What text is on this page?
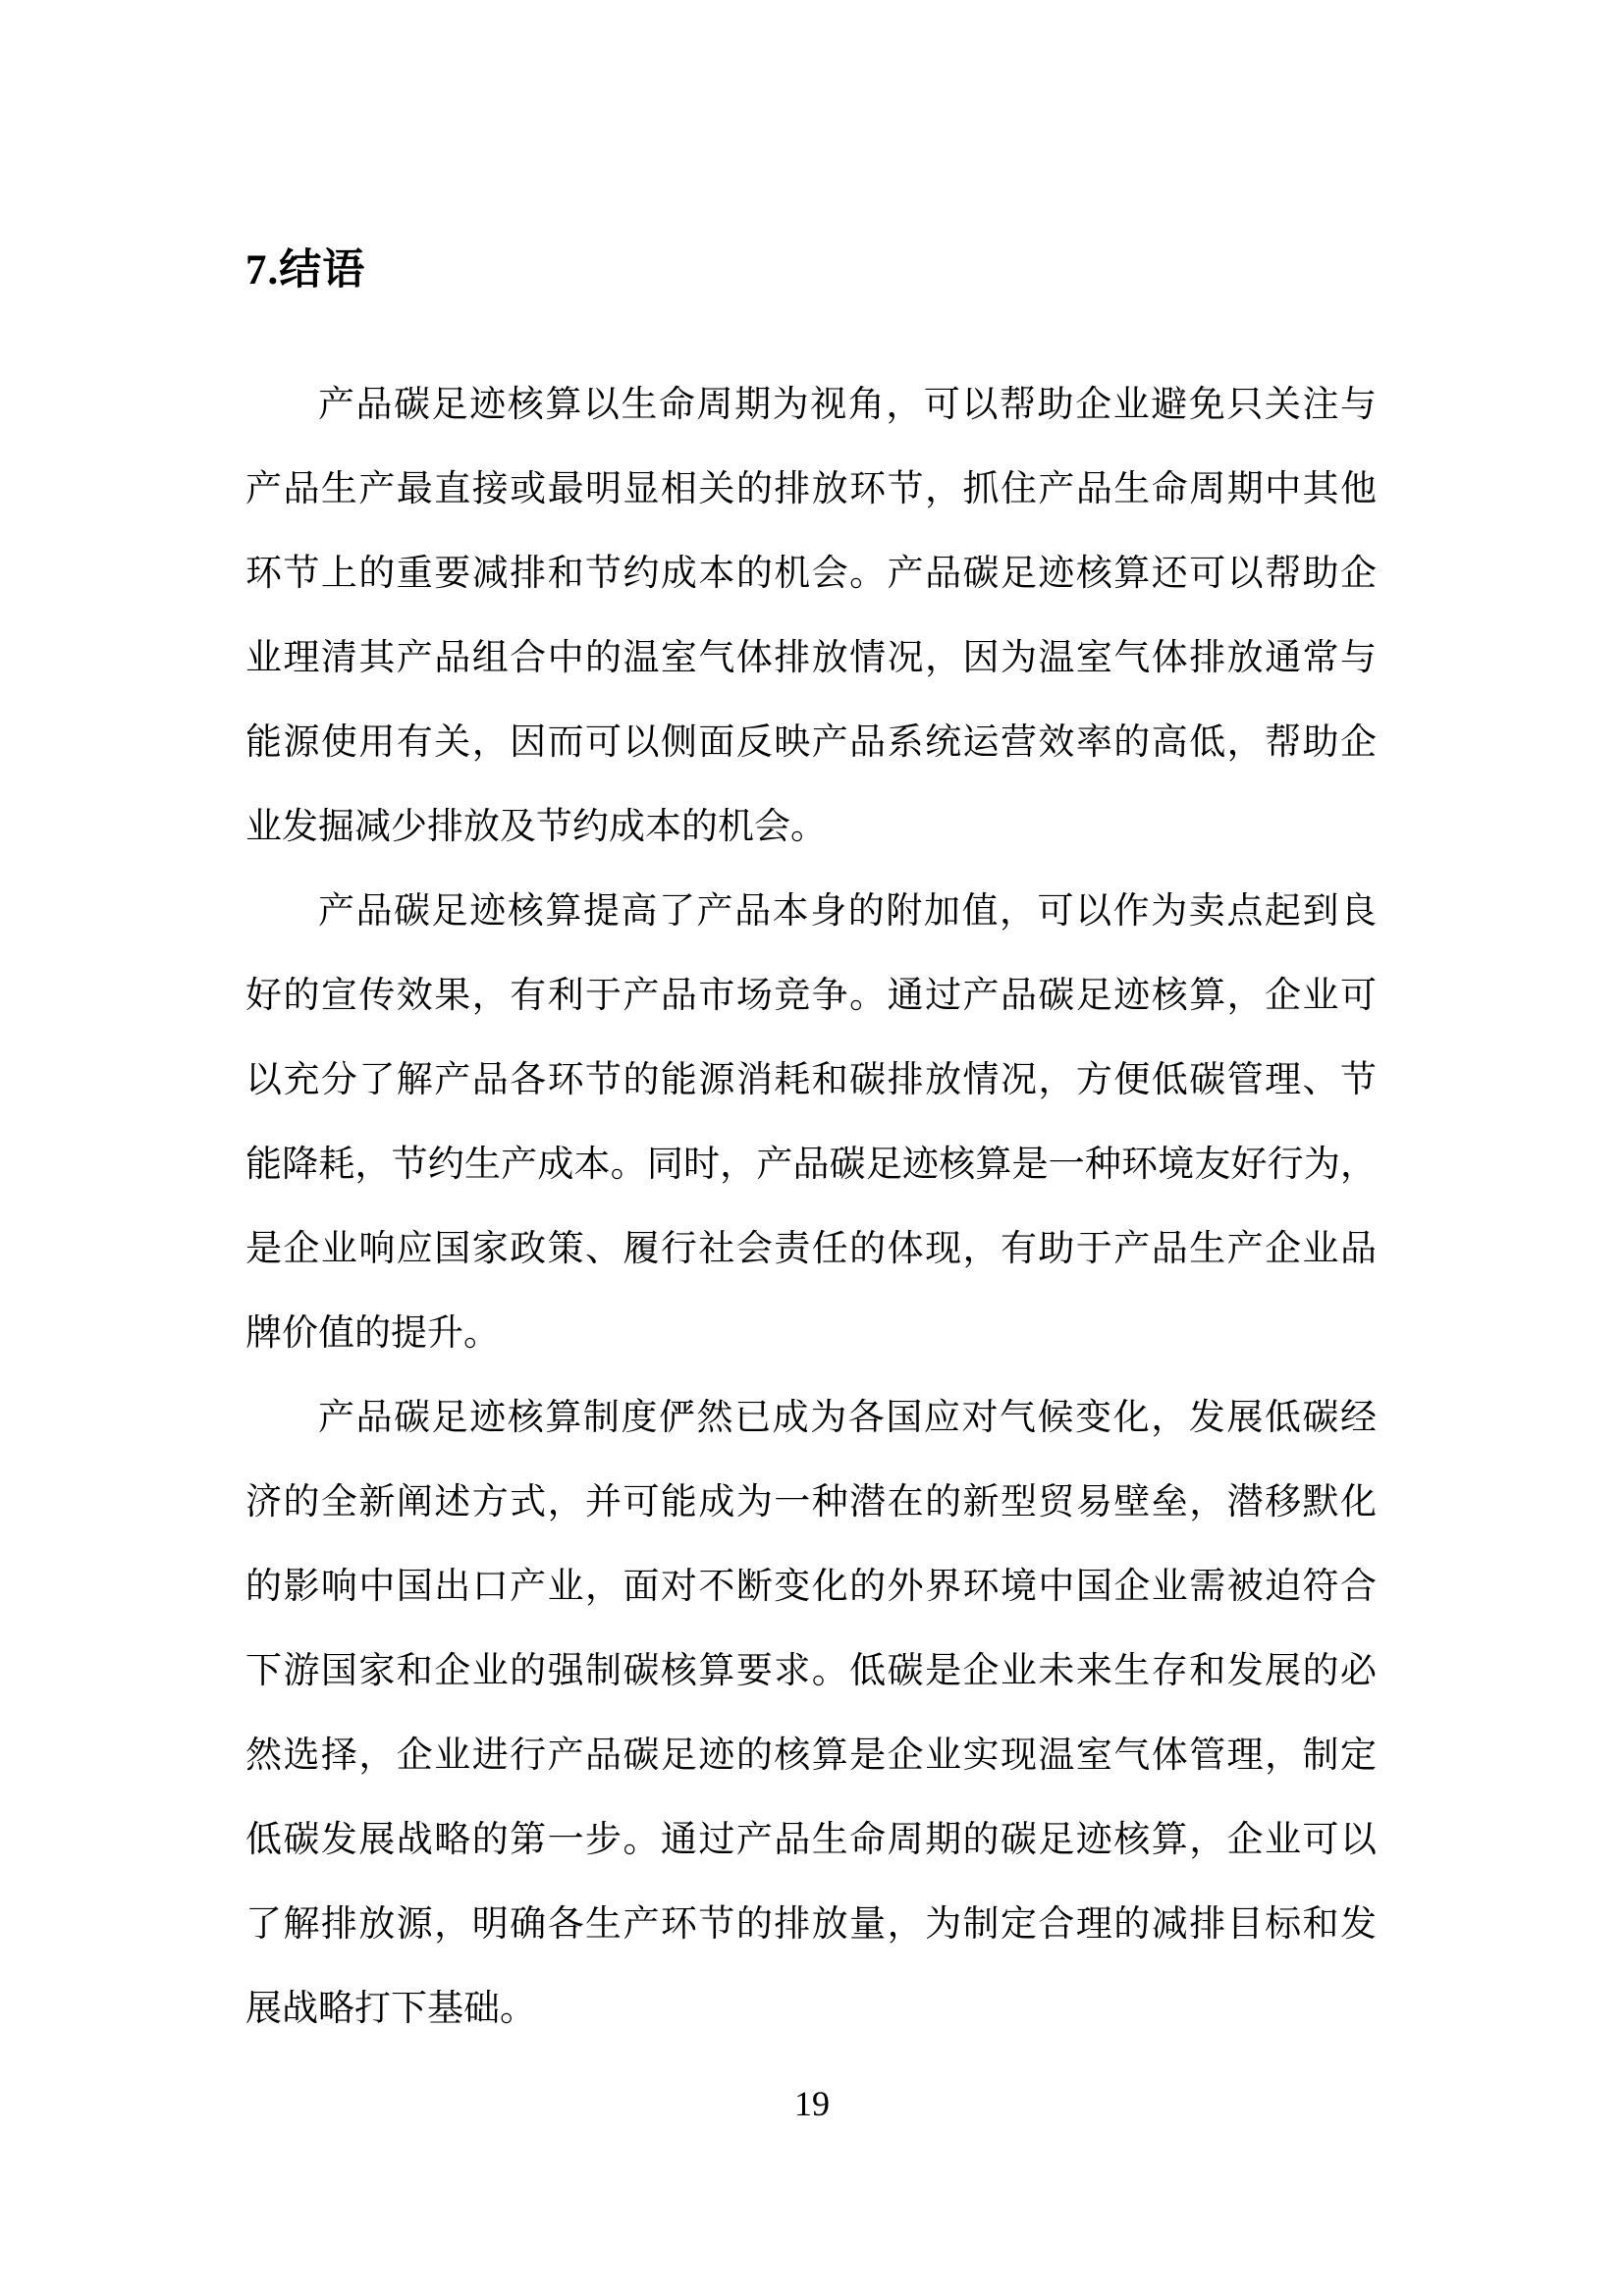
7.结语
产品碳足迹核算以生命周期为视角，可以帮助企业避免只关注与
产品生产最直接或最明显相关的排放环节，抓住产品生命周期中其他
环节上的重要减排和节约成本的机会。产品碳足迹核算还可以帮助企
业理清其产品组合中的温室气体排放情况，因为温室气体排放通常与
能源使用有关，因而可以侧面反映产品系统运营效率的高低，帮助企
业发掘减少排放及节约成本的机会。
产品碳足迹核算提高了产品本身的附加值，可以作为卖点起到良
好的宣传效果，有利于产品市场竞争。通过产品碳足迹核算，企业可
以充分了解产品各环节的能源消耗和碳排放情况，方便低碳管理、节
能降耗，节约生产成本。同时，产品碳足迹核算是一种环境友好行为，
是企业响应国家政策、履行社会责任的体现，有助于产品生产企业品
牌价值的提升。
产品碳足迹核算制度俨然已成为各国应对气候变化，发展低碳经
济的全新阐述方式，并可能成为一种潜在的新型贸易壁垒，潜移默化
的影响中国出口产业，面对不断变化的外界环境中国企业需被迫符合
下游国家和企业的强制碳核算要求。低碳是企业未来生存和发展的必
然选择，企业进行产品碳足迹的核算是企业实现温室气体管理，制定
低碳发展战略的第一步。通过产品生命周期的碳足迹核算，企业可以
了解排放源，明确各生产环节的排放量，为制定合理的减排目标和发
展战略打下基础。
19
